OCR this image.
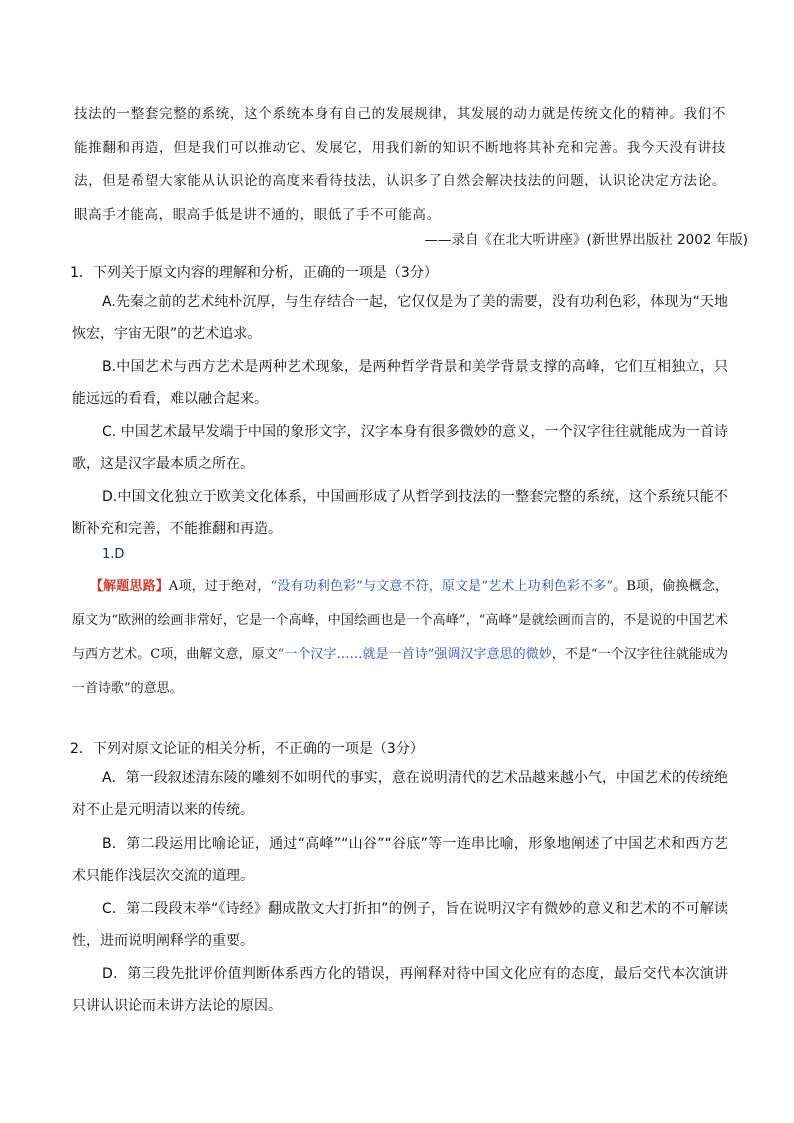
技法的一整套完整的系统，这个系统本身有自己的发展规律，其发展的动力就是传统文化的精神。我们不能推翻和再造，但是我们可以推动它、发展它，用我们新的知识不断地将其补充和完善。我今天没有讲技法，但是希望大家能从认识论的高度来看待技法，认识多了自然会解决技法的问题，认识论决定方法论。眼高手才能高，眼高手低是讲不通的，眼低了手不可能高。

——录自《在北大听讲座》(新世界出版社 2002 年版)
1．下列关于原文内容的理解和分析，正确的一项是（3分）

A.先秦之前的艺术纯朴沉厚，与生存结合一起，它仅仅是为了美的需要，没有功利色彩，体现为“天地恢宏，宇宙无限”的艺术追求。

B.中国艺术与西方艺术是两种艺术现象，是两种哲学背景和美学背景支撑的高峰，它们互相独立，只能远远的看看，难以融合起来。

C. 中国艺术最早发端于中国的象形文字，汉字本身有很多微妙的意义，一个汉字往往就能成为一首诗歌，这是汉字最本质之所在。

D.中国文化独立于欧美文化体系，中国画形成了从哲学到技法的一整套完整的系统，这个系统只能不断补充和完善，不能推翻和再造。

1.D

【解题思路】A项，过于绝对，“没有功利色彩”与文意不符，原文是“艺术上功利色彩不多”。B项，偷换概念，原文为“欧洲的绘画非常好，它是一个高峰，中国绘画也是一个高峰”，“高峰”是就绘画而言的，不是说的中国艺术与西方艺术。C项，曲解文意，原文“一个汉字……就是一首诗”强调汉字意思的微妙，不是“一个汉字往往就能成为一首诗歌”的意思。

2．下列对原文论证的相关分析，不正确的一项是（3分）

A．第一段叙述清东陵的雕刻不如明代的事实，意在说明清代的艺术品越来越小气，中国艺术的传统绝对不止是元明清以来的传统。

B．第二段运用比喻论证，通过“高峰”“山谷”“谷底”等一连串比喻，形象地阐述了中国艺术和西方艺术只能作浅层次交流的道理。

C．第二段段末举“《诗经》翻成散文大打折扣”的例子，旨在说明汉字有微妙的意义和艺术的不可解读性，进而说明阐释学的重要。

D．第三段先批评价值判断体系西方化的错误，再阐释对待中国文化应有的态度，最后交代本次演讲只讲认识论而未讲方法论的原因。
